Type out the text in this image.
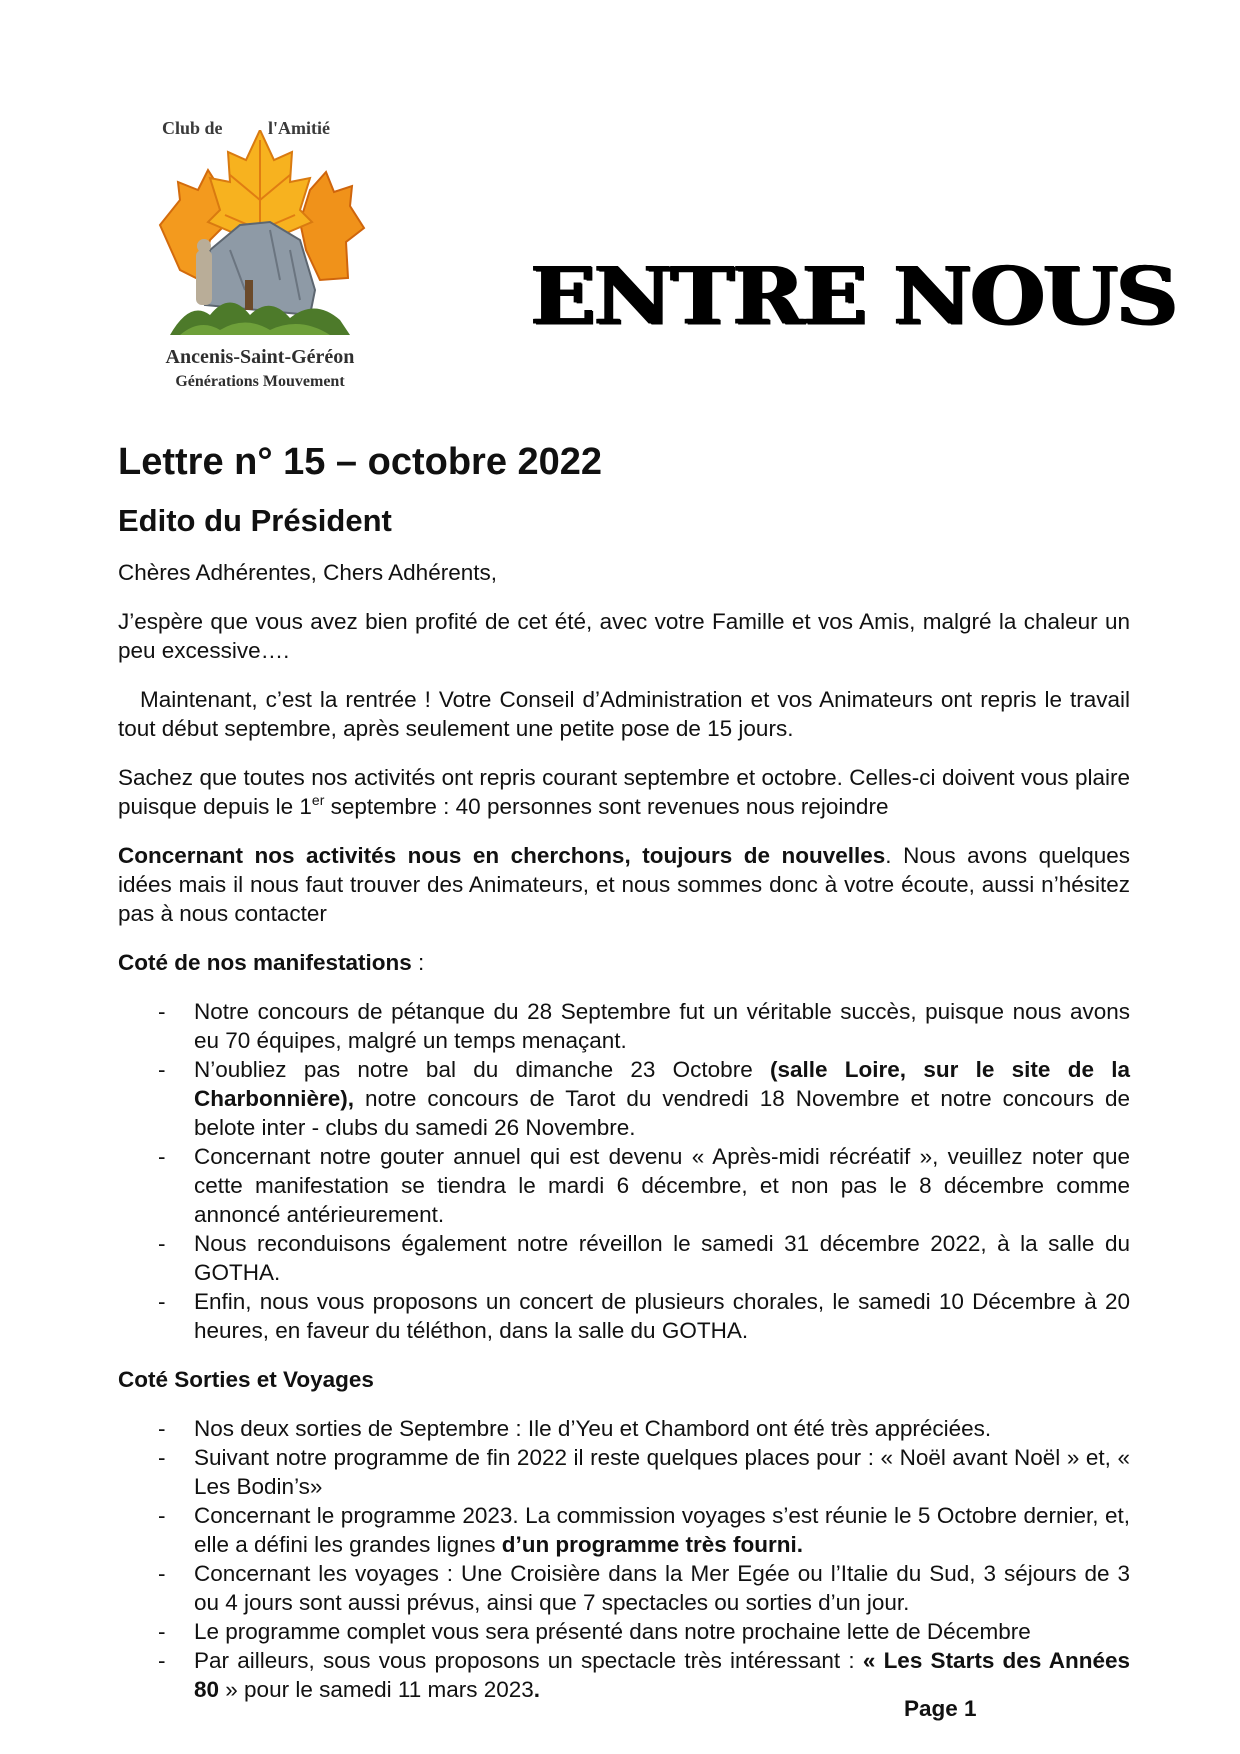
Club de	l'Amitié
Ancenis-Saint-Géréon
Générations Mouvement
ENTRE NOUS
Lettre n° 15 – octobre 2022
Edito du Président

Chères Adhérentes, Chers Adhérents,

J’espère que vous avez bien profité de cet été, avec votre Famille et vos Amis, malgré la chaleur un peu excessive….

Maintenant, c’est la rentrée ! Votre Conseil d’Administration et vos Animateurs ont repris le travail tout début septembre, après seulement une petite pose de 15 jours.

Sachez que toutes nos activités ont repris courant septembre et octobre. Celles-ci doivent vous plaire puisque depuis le 1er septembre : 40 personnes sont revenues nous rejoindre

Concernant nos activités nous en cherchons, toujours de nouvelles. Nous avons quelques idées mais il nous faut trouver des Animateurs, et nous sommes donc à votre écoute, aussi n’hésitez pas à nous contacter

Coté de nos manifestations :
- Notre concours de pétanque du 28 Septembre fut un véritable succès, puisque nous avons eu 70 équipes, malgré un temps menaçant.
- N’oubliez pas notre bal du dimanche 23 Octobre (salle Loire, sur le site de la Charbonnière), notre concours de Tarot du vendredi 18 Novembre et notre concours de belote inter - clubs du samedi 26 Novembre.
- Concernant notre gouter annuel qui est devenu « Après-midi récréatif », veuillez noter que cette manifestation se tiendra le mardi 6 décembre, et non pas le 8 décembre comme annoncé antérieurement.
- Nous reconduisons également notre réveillon le samedi 31 décembre 2022, à la salle du GOTHA.
- Enfin, nous vous proposons un concert de plusieurs chorales, le samedi 10 Décembre à 20 heures, en faveur du téléthon, dans la salle du GOTHA.
Coté Sorties et Voyages
- Nos deux sorties de Septembre : Ile d’Yeu et Chambord ont été très appréciées.
- Suivant notre programme de fin 2022 il reste quelques places pour : « Noël avant Noël » et, « Les Bodin’s»
- Concernant le programme 2023. La commission voyages s’est réunie le 5 Octobre dernier, et, elle a défini les grandes lignes d’un programme très fourni.
- Concernant les voyages : Une Croisière dans la Mer Egée ou l’Italie du Sud, 3 séjours de 3 ou 4 jours sont aussi prévus, ainsi que 7 spectacles ou sorties d’un jour.
- Le programme complet vous sera présenté dans notre prochaine lette de Décembre
- Par ailleurs, sous vous proposons un spectacle très intéressant : « Les Starts des Années 80 » pour le samedi 11 mars 2023.
Page 1
